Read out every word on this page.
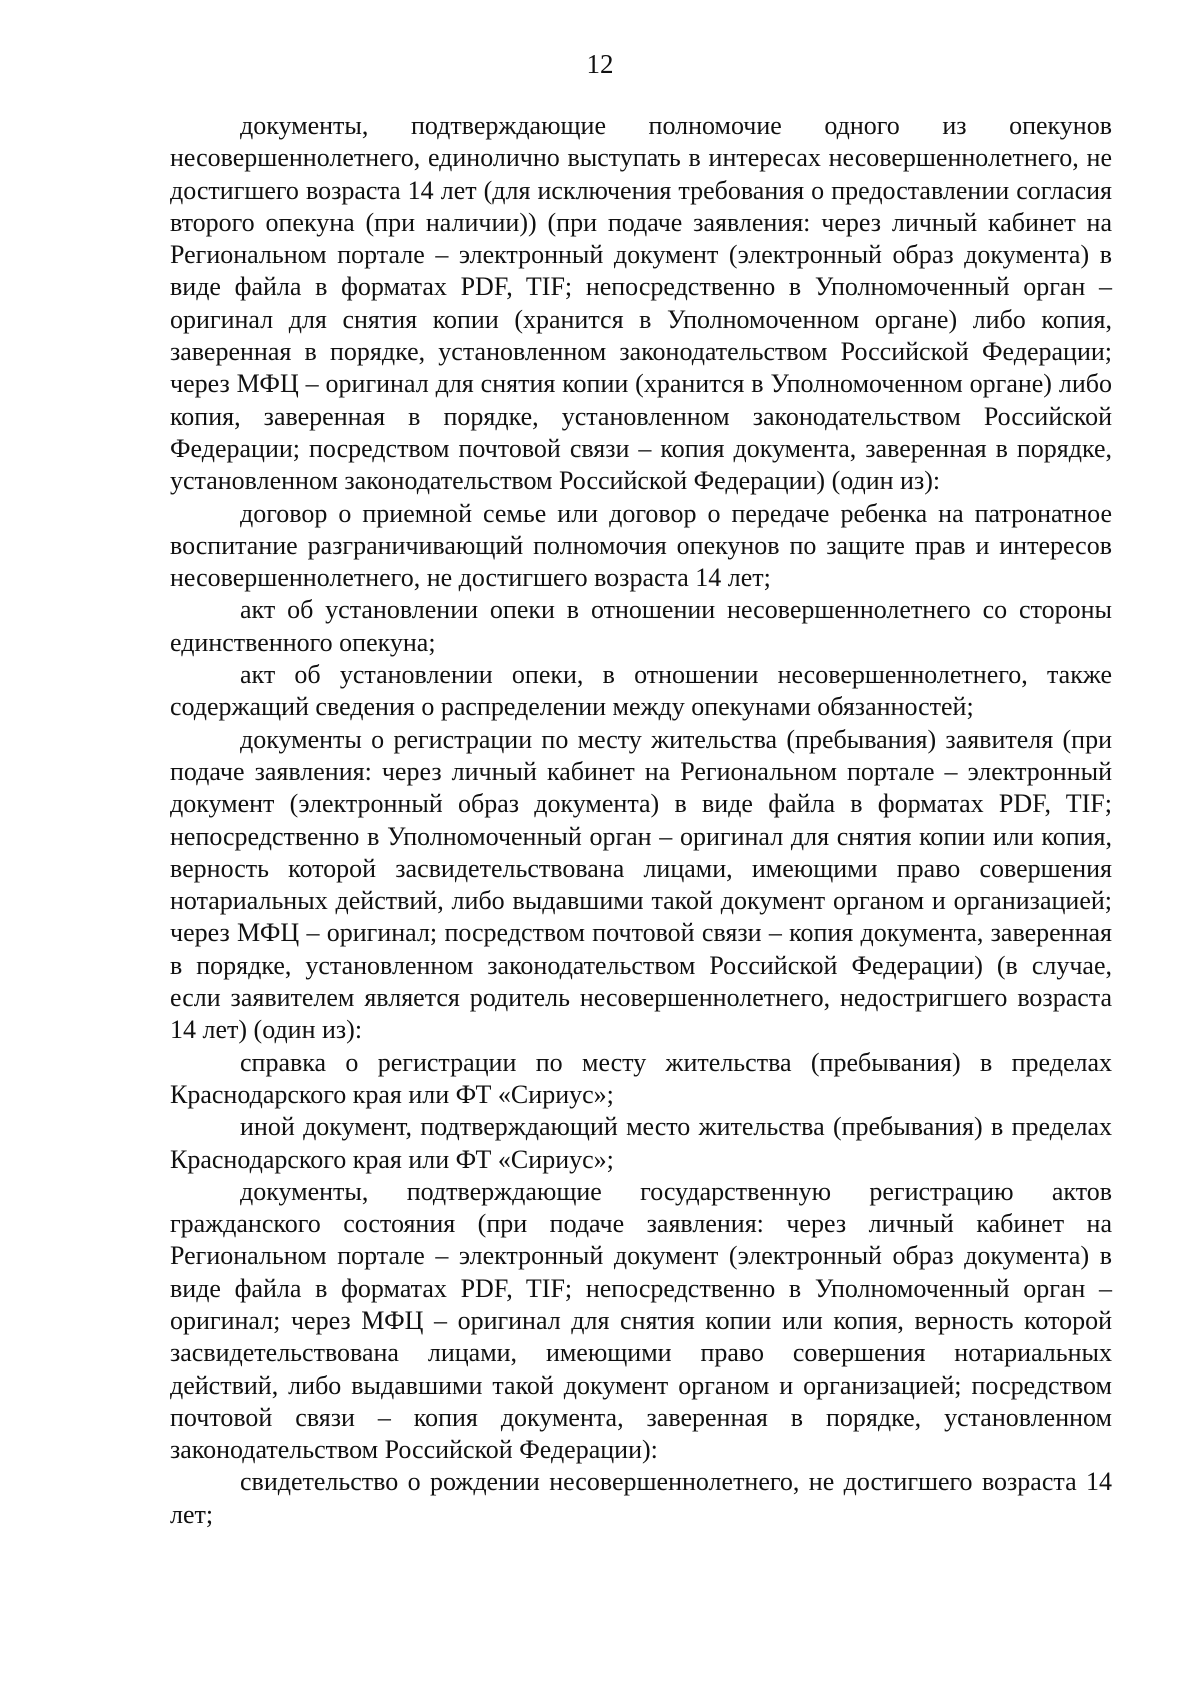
12

документы, подтверждающие полномочие одного из опекунов несовершеннолетнего, единолично выступать в интересах несовершеннолетнего, не достигшего возраста 14 лет (для исключения требования о предоставлении согласия второго опекуна (при наличии)) (при подаче заявления: через личный кабинет на Региональном портале – электронный документ (электронный образ документа) в виде файла в форматах PDF, TIF; непосредственно в Уполномоченный орган – оригинал для снятия копии (хранится в Уполномоченном органе) либо копия, заверенная в порядке, установленном законодательством Российской Федерации; через МФЦ – оригинал для снятия копии (хранится в Уполномоченном органе) либо копия, заверенная в порядке, установленном законодательством Российской Федерации; посредством почтовой связи – копия документа, заверенная в порядке, установленном законодательством Российской Федерации) (один из):

договор о приемной семье или договор о передаче ребенка на патронатное воспитание разграничивающий полномочия опекунов по защите прав и интересов несовершеннолетнего, не достигшего возраста 14 лет;

акт об установлении опеки в отношении несовершеннолетнего со стороны единственного опекуна;

акт об установлении опеки, в отношении несовершеннолетнего, также содержащий сведения о распределении между опекунами обязанностей;

документы о регистрации по месту жительства (пребывания) заявителя (при подаче заявления: через личный кабинет на Региональном портале – электронный документ (электронный образ документа) в виде файла в форматах PDF, TIF; непосредственно в Уполномоченный орган – оригинал для снятия копии или копия, верность которой засвидетельствована лицами, имеющими право совершения нотариальных действий, либо выдавшими такой документ органом и организацией; через МФЦ – оригинал; посредством почтовой связи – копия документа, заверенная в порядке, установленном законодательством Российской Федерации) (в случае, если заявителем является родитель несовершеннолетнего, недостригшего возраста 14 лет) (один из):

справка о регистрации по месту жительства (пребывания) в пределах Краснодарского края или ФТ «Сириус»;

иной документ, подтверждающий место жительства (пребывания) в пределах Краснодарского края или ФТ «Сириус»;

документы, подтверждающие государственную регистрацию актов гражданского состояния (при подаче заявления: через личный кабинет на Региональном портале – электронный документ (электронный образ документа) в виде файла в форматах PDF, TIF; непосредственно в Уполномоченный орган – оригинал; через МФЦ – оригинал для снятия копии или копия, верность которой засвидетельствована лицами, имеющими право совершения нотариальных действий, либо выдавшими такой документ органом и организацией; посредством почтовой связи – копия документа, заверенная в порядке, установленном законодательством Российской Федерации):

свидетельство о рождении несовершеннолетнего, не достигшего возраста 14 лет;
